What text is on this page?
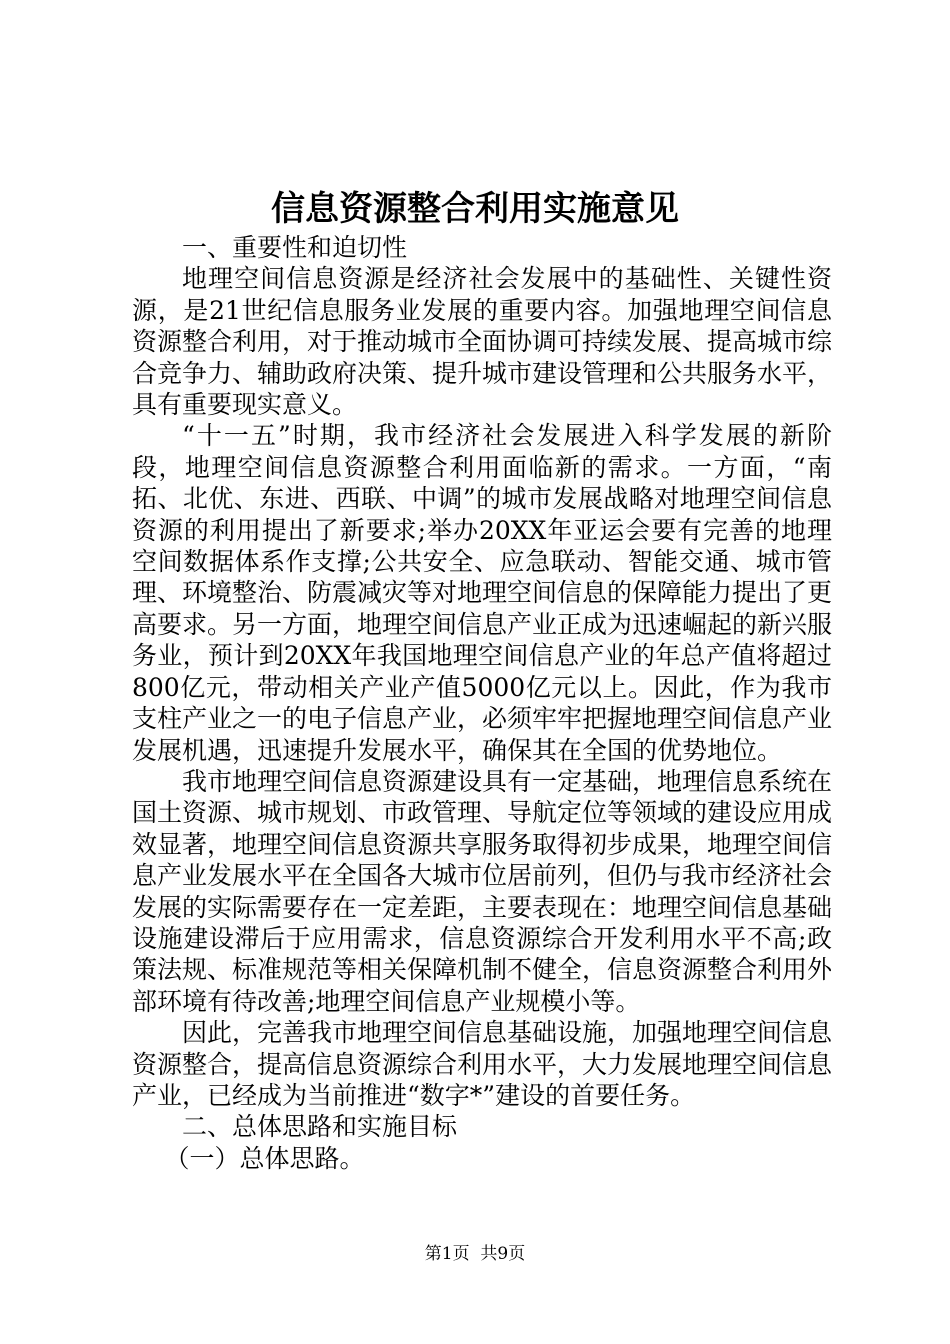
信息资源整合利用实施意见

一、重要性和迫切性

地理空间信息资源是经济社会发展中的基础性、关键性资源，是21世纪信息服务业发展的重要内容。加强地理空间信息资源整合利用，对于推动城市全面协调可持续发展、提高城市综合竞争力、辅助政府决策、提升城市建设管理和公共服务水平，具有重要现实意义。

“十一五”时期，我市经济社会发展进入科学发展的新阶段，地理空间信息资源整合利用面临新的需求。一方面，“南拓、北优、东进、西联、中调”的城市发展战略对地理空间信息资源的利用提出了新要求;举办20XX年亚运会要有完善的地理空间数据体系作支撑;公共安全、应急联动、智能交通、城市管理、环境整治、防震减灾等对地理空间信息的保障能力提出了更高要求。另一方面，地理空间信息产业正成为迅速崛起的新兴服务业，预计到20XX年我国地理空间信息产业的年总产值将超过800亿元，带动相关产业产值5000亿元以上。因此，作为我市支柱产业之一的电子信息产业，必须牢牢把握地理空间信息产业发展机遇，迅速提升发展水平，确保其在全国的优势地位。

我市地理空间信息资源建设具有一定基础，地理信息系统在国土资源、城市规划、市政管理、导航定位等领域的建设应用成效显著，地理空间信息资源共享服务取得初步成果，地理空间信息产业发展水平在全国各大城市位居前列，但仍与我市经济社会发展的实际需要存在一定差距，主要表现在：地理空间信息基础设施建设滞后于应用需求，信息资源综合开发利用水平不高;政策法规、标准规范等相关保障机制不健全，信息资源整合利用外部环境有待改善;地理空间信息产业规模小等。

因此，完善我市地理空间信息基础设施，加强地理空间信息资源整合，提高信息资源综合利用水平，大力发展地理空间信息产业，已经成为当前推进“数字*”建设的首要任务。

二、总体思路和实施目标

（一）总体思路。

第1页  共9页
